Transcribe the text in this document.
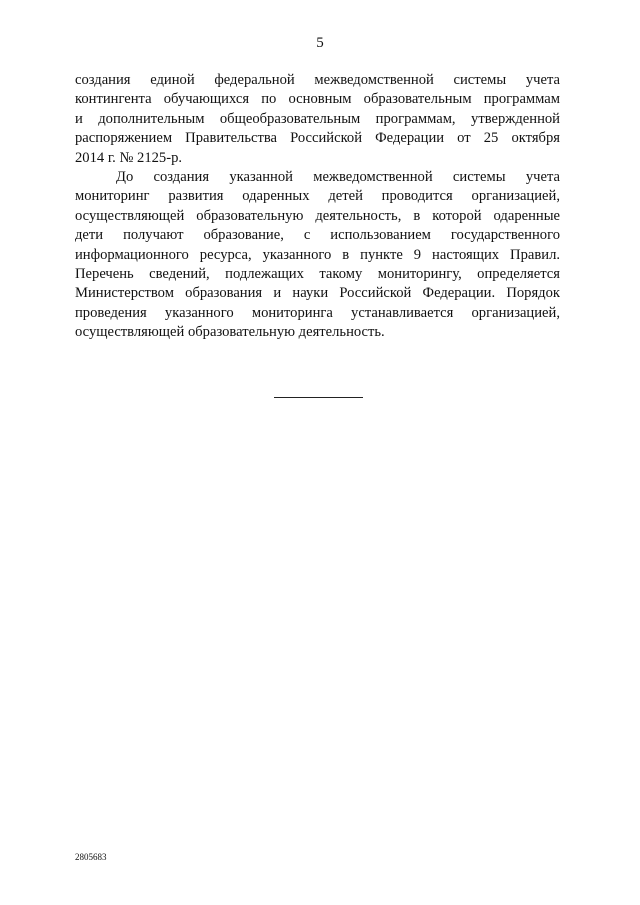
5

создания единой федеральной межведомственной системы учета
контингента обучающихся по основным образовательным программам
и дополнительным общеобразовательным программам, утвержденной
распоряжением Правительства Российской Федерации от 25 октября
2014 г. № 2125-р.

До создания указанной межведомственной системы учета
мониторинг развития одаренных детей проводится организацией,
осуществляющей образовательную деятельность, в которой одаренные
дети получают образование, с использованием государственного
информационного ресурса, указанного в пункте 9 настоящих Правил.
Перечень сведений, подлежащих такому мониторингу, определяется
Министерством образования и науки Российской Федерации. Порядок
проведения указанного мониторинга устанавливается организацией,
осуществляющей образовательную деятельность.

2805683
